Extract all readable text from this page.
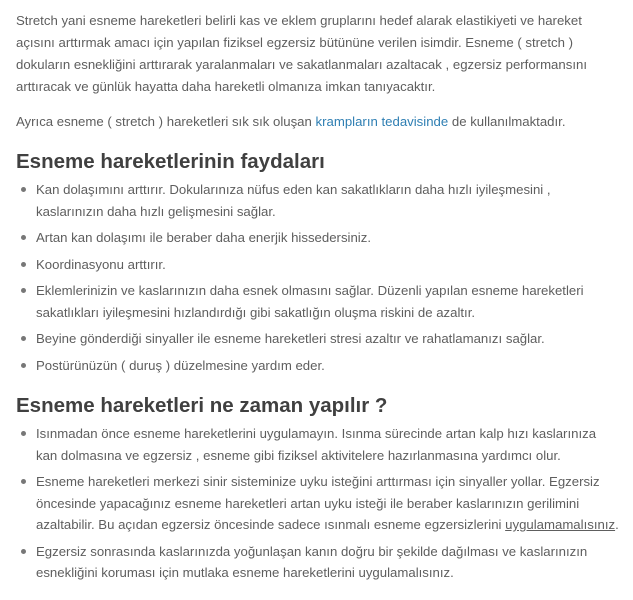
Stretch yani esneme hareketleri belirli kas ve eklem gruplarını hedef alarak elastikiyeti ve hareket açısını arttırmak amacı için yapılan fiziksel egzersiz bütününe verilen isimdir. Esneme ( stretch ) dokuların esnekliğini arttırarak yaralanmaları ve sakatlanmaları azaltacak , egzersiz performansını arttıracak ve günlük hayatta daha hareketli olmanıza imkan tanıyacaktır.

Ayrıca esneme ( stretch ) hareketleri sık sık oluşan krampların tedavisinde de kullanılmaktadır.

Esneme hareketlerinin faydaları
Kan dolaşımını arttırır. Dokularınıza nüfus eden kan sakatlıkların daha hızlı iyileşmesini , kaslarınızın daha hızlı gelişmesini sağlar.
Artan kan dolaşımı ile beraber daha enerjik hissedersiniz.
Koordinasyonu arttırır.
Eklemlerinizin ve kaslarınızın daha esnek olmasını sağlar. Düzenli yapılan esneme hareketleri sakatlıkları iyileşmesini hızlandırdığı gibi sakatlığın oluşma riskini de azaltır.
Beyine gönderdiği sinyaller ile esneme hareketleri stresi azaltır ve rahatlamanızı sağlar.
Postürünüzün ( duruş ) düzelmesine yardım eder.
Esneme hareketleri ne zaman yapılır ?
Isınmadan önce esneme hareketlerini uygulamayın. Isınma sürecinde artan kalp hızı kaslarınıza kan dolmasına ve egzersiz , esneme gibi fiziksel aktivitelere hazırlanmasına yardımcı olur.
Esneme hareketleri merkezi sinir sisteminize uyku isteğini arttırması için sinyaller yollar. Egzersiz öncesinde yapacağınız esneme hareketleri artan uyku isteği ile beraber kaslarınızın gerilimini azaltabilir. Bu açıdan egzersiz öncesinde sadece ısınmalı esneme egzersizlerini uygulamamalısınız.
Egzersiz sonrasında kaslarınızda yoğunlaşan kanın doğru bir şekilde dağılması ve kaslarınızın esnekliğini koruması için mutlaka esneme hareketlerini uygulamalısınız.
